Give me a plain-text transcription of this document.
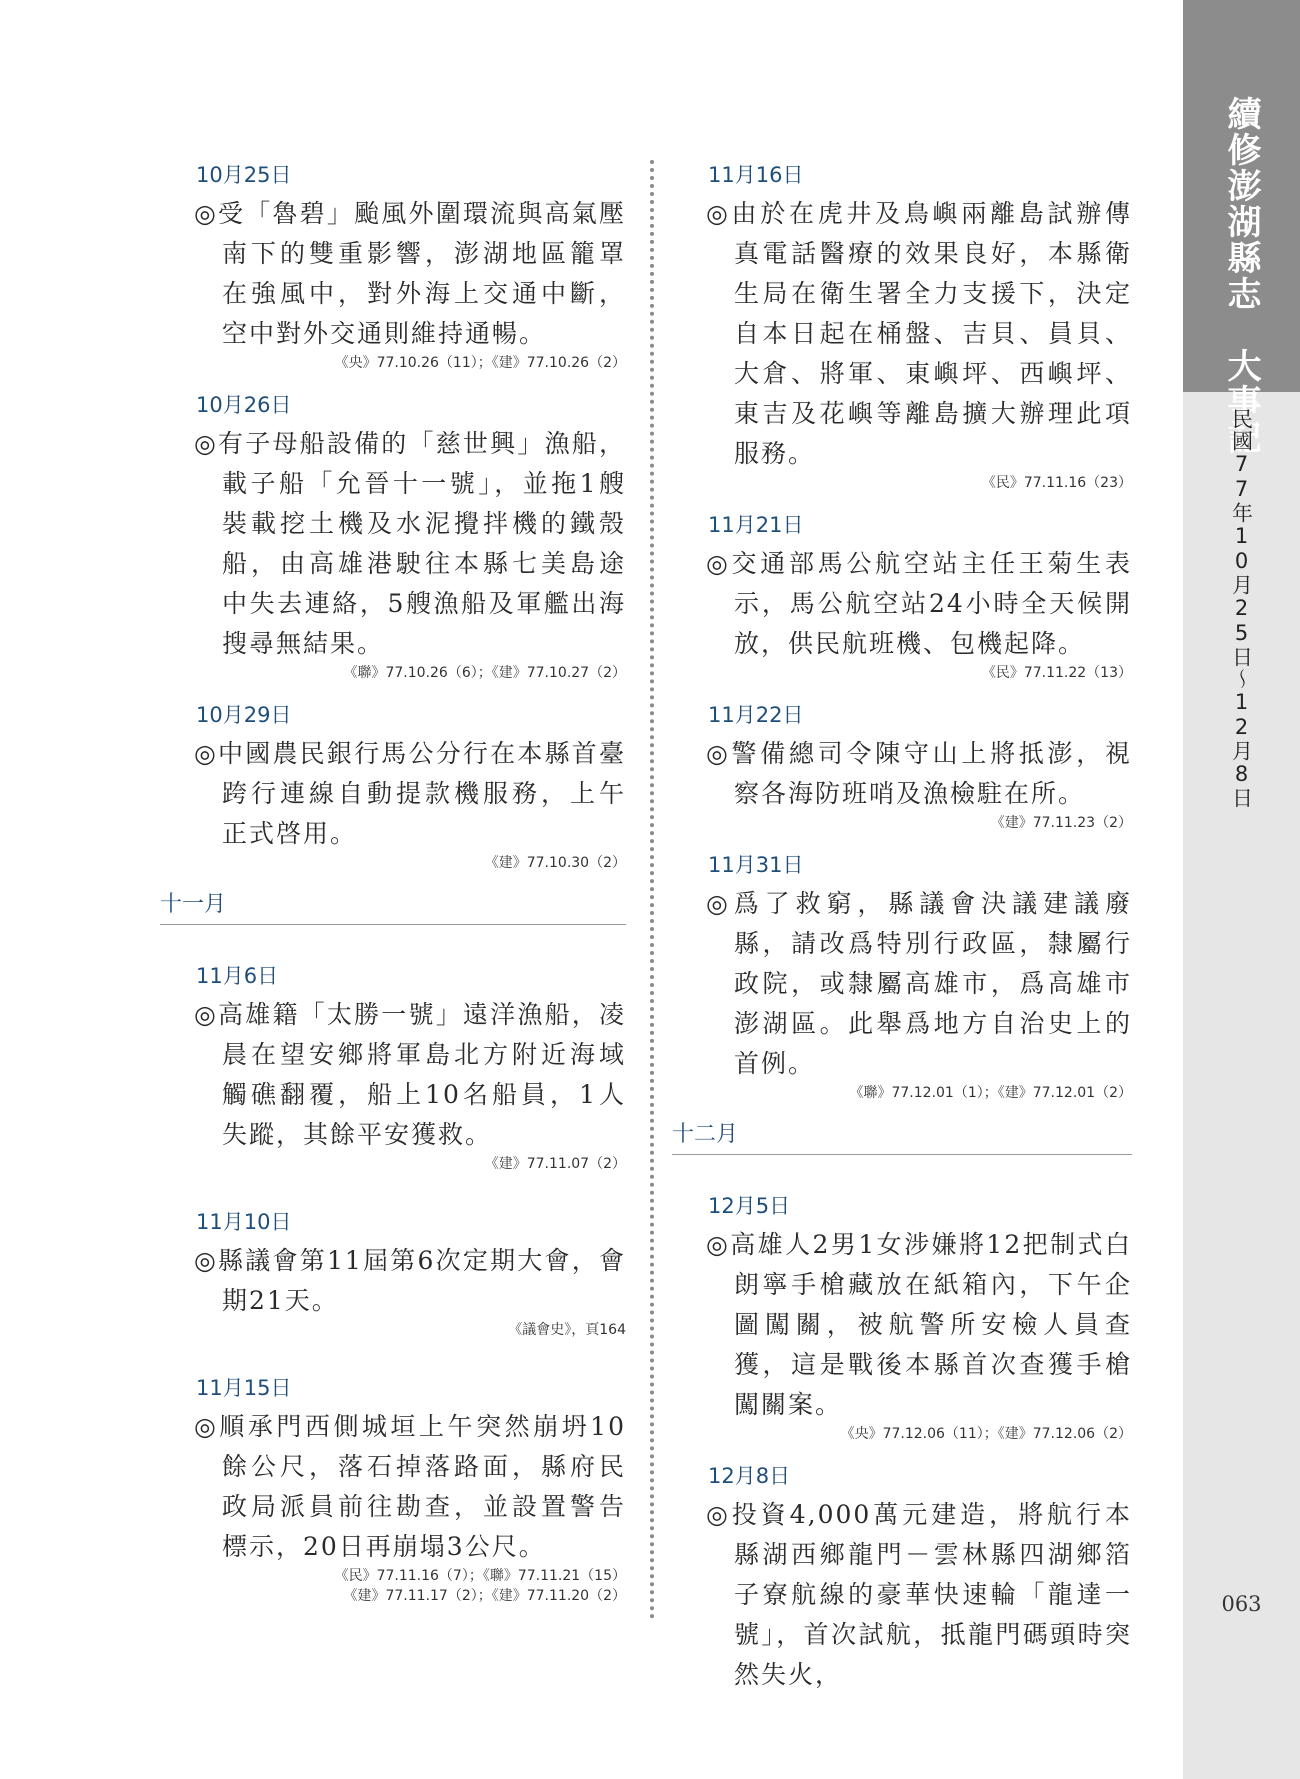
10月25日
◎受「魯碧」颱風外圍環流與高氣壓南下的雙重影響，澎湖地區籠罩在強風中，對外海上交通中斷，空中對外交通則維持通暢。
《央》77.10.26（11）；《建》77.10.26（2）
10月26日
◎有子母船設備的「慈世興」漁船，載子船「允晉十一號」，並拖1艘裝載挖土機及水泥攪拌機的鐵殼船，由高雄港駛往本縣七美島途中失去連絡，5艘漁船及軍艦出海搜尋無結果。
《聯》77.10.26（6）；《建》77.10.27（2）
10月29日
◎中國農民銀行馬公分行在本縣首臺跨行連線自動提款機服務，上午正式啓用。
《建》77.10.30（2）
十一月
11月6日
◎高雄籍「太勝一號」遠洋漁船，凌晨在望安鄉將軍島北方附近海域觸礁翻覆，船上10名船員，1人失蹤，其餘平安獲救。
《建》77.11.07（2）
11月10日
◎縣議會第11屆第6次定期大會，會期21天。
《議會史》，頁164
11月15日
◎順承門西側城垣上午突然崩坍10餘公尺，落石掉落路面，縣府民政局派員前往勘查，並設置警告標示，20日再崩塌3公尺。
《民》77.11.16（7）；《聯》77.11.21（15）
《建》77.11.17（2）；《建》77.11.20（2）
11月16日
◎由於在虎井及鳥嶼兩離島試辦傳真電話醫療的效果良好，本縣衛生局在衛生署全力支援下，決定自本日起在桶盤、吉貝、員貝、大倉、將軍、東嶼坪、西嶼坪、東吉及花嶼等離島擴大辦理此項服務。
《民》77.11.16（23）
11月21日
◎交通部馬公航空站主任王菊生表示，馬公航空站24小時全天候開放，供民航班機、包機起降。
《民》77.11.22（13）
11月22日
◎警備總司令陳守山上將抵澎，視察各海防班哨及漁檢駐在所。
《建》77.11.23（2）
11月31日
◎爲了救窮，縣議會決議建議廢縣，請改爲特別行政區，隸屬行政院，或隸屬高雄市，爲高雄市澎湖區。此舉爲地方自治史上的首例。
《聯》77.12.01（1）；《建》77.12.01（2）
十二月
12月5日
◎高雄人2男1女涉嫌將12把制式白朗寧手槍藏放在紙箱內，下午企圖闖關，被航警所安檢人員查獲，這是戰後本縣首次查獲手槍闖關案。
《央》77.12.06（11）；《建》77.12.06（2）
12月8日
◎投資4,000萬元建造，將航行本縣湖西鄉龍門－雲林縣四湖鄉箔子寮航線的豪華快速輪「龍達一號」，首次試航，抵龍門碼頭時突然失火，
續修澎湖縣志　大事記
民國77年10月25日〜12月8日
063
